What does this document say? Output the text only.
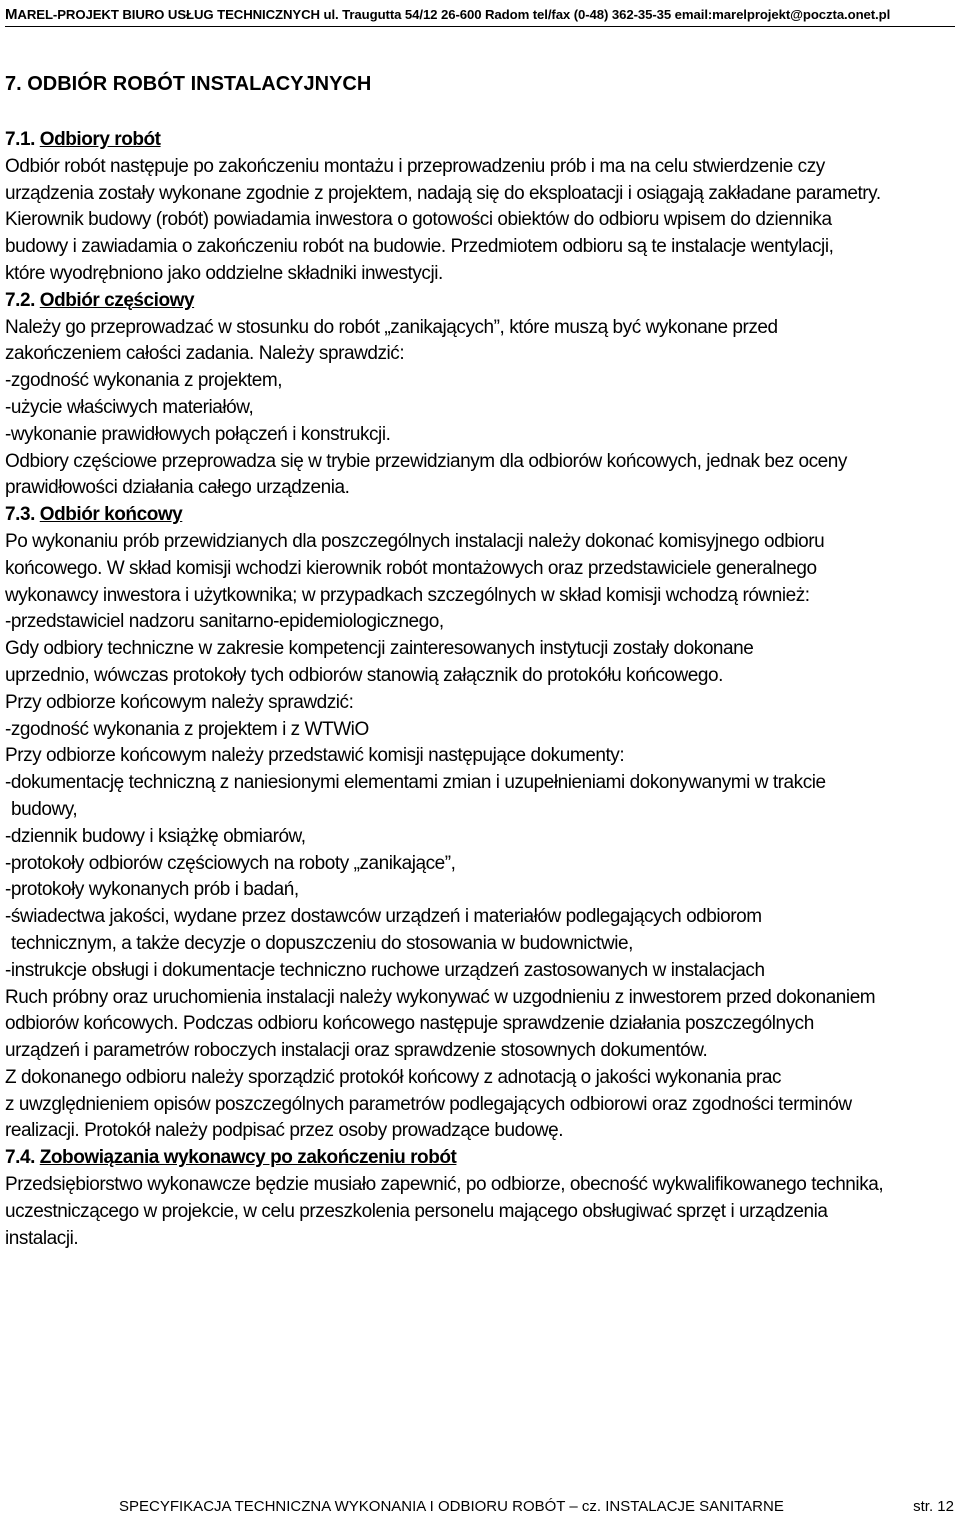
MAREL-PROJEKT BIURO USŁUG TECHNICZNYCH ul. Traugutta 54/12 26-600 Radom tel/fax (0-48) 362-35-35 email:marelprojekt@poczta.onet.pl
7. ODBIÓR ROBÓT INSTALACYJNYCH

7.1. Odbiory robót

Odbiór robót następuje po zakończeniu montażu i przeprowadzeniu prób i ma na celu stwierdzenie czy

urządzenia zostały wykonane zgodnie z projektem, nadają się do eksploatacji i osiągają zakładane parametry.

Kierownik budowy (robót) powiadamia inwestora o gotowości obiektów do odbioru wpisem do dziennika

budowy i zawiadamia o zakończeniu robót na budowie. Przedmiotem odbioru są te instalacje wentylacji,

które wyodrębniono jako oddzielne składniki inwestycji.

7.2. Odbiór częściowy

Należy go przeprowadzać w stosunku do robót „zanikających”, które muszą być wykonane przed

zakończeniem całości zadania. Należy sprawdzić:

-zgodność wykonania z projektem,

-użycie właściwych materiałów,

-wykonanie prawidłowych połączeń i konstrukcji.

Odbiory częściowe przeprowadza się w trybie przewidzianym dla odbiorów końcowych, jednak bez oceny

prawidłowości działania całego urządzenia.

7.3. Odbiór końcowy

Po wykonaniu prób przewidzianych dla poszczególnych instalacji należy dokonać komisyjnego odbioru

końcowego. W skład komisji wchodzi kierownik robót montażowych oraz przedstawiciele generalnego

wykonawcy inwestora i użytkownika; w przypadkach szczególnych w skład komisji wchodzą również:

-przedstawiciel nadzoru sanitarno-epidemiologicznego,

Gdy odbiory techniczne w zakresie kompetencji zainteresowanych instytucji zostały dokonane

uprzednio, wówczas protokoły tych odbiorów stanowią załącznik do protokółu końcowego.

Przy odbiorze końcowym należy sprawdzić:

-zgodność wykonania z projektem i z WTWiO

Przy odbiorze końcowym należy przedstawić komisji następujące dokumenty:

-dokumentację techniczną z naniesionymi elementami zmian i uzupełnieniami dokonywanymi w trakcie

budowy,

-dziennik budowy i książkę obmiarów,

-protokoły odbiorów częściowych na roboty „zanikające”,

-protokoły wykonanych prób i badań,

-świadectwa jakości, wydane przez dostawców urządzeń i materiałów podlegających odbiorom

technicznym, a także decyzje o dopuszczeniu do stosowania w budownictwie,

-instrukcje obsługi i dokumentacje techniczno ruchowe urządzeń zastosowanych w instalacjach

Ruch próbny oraz uruchomienia instalacji należy wykonywać w uzgodnieniu z inwestorem przed dokonaniem

odbiorów końcowych. Podczas odbioru końcowego następuje sprawdzenie działania poszczególnych

urządzeń i parametrów roboczych instalacji oraz sprawdzenie stosownych dokumentów.

Z dokonanego odbioru należy sporządzić protokół końcowy z adnotacją o jakości wykonania prac

z uwzględnieniem opisów poszczególnych parametrów podlegających odbiorowi oraz zgodności terminów

realizacji. Protokół należy podpisać przez osoby prowadzące budowę.

7.4. Zobowiązania wykonawcy po zakończeniu robót

Przedsiębiorstwo wykonawcze będzie musiało zapewnić, po odbiorze, obecność wykwalifikowanego technika,

uczestniczącego w projekcie, w celu przeszkolenia personelu mającego obsługiwać sprzęt i urządzenia

instalacji.

SPECYFIKACJA TECHNICZNA WYKONANIA I ODBIORU ROBÓT – cz. INSTALACJE SANITARNE	str. 12
